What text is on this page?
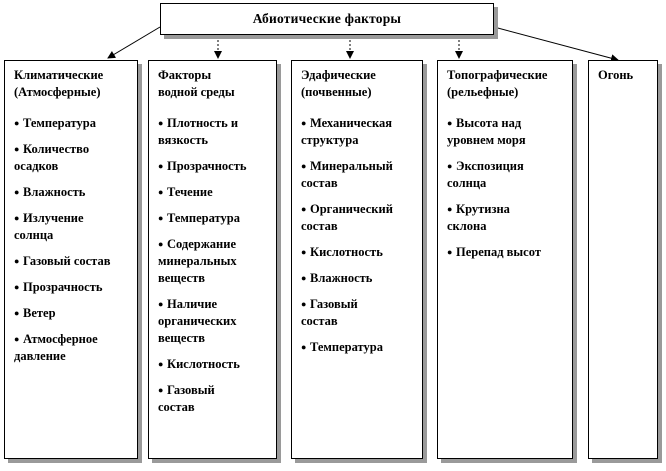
Абиотические факторы
Климатические
(Атмосферные)
● Температура
● Количество
осадков
● Влажность
● Излучение
солнца
● Газовый состав
● Прозрачность
● Ветер
● Атмосферное
давление
Факторы
водной среды
● Плотность и
вязкость
● Прозрачность
● Течение
● Температура
● Содержание
минеральных
веществ
● Наличие
органических
веществ
● Кислотность
● Газовый
состав
Эдафические
(почвенные)
● Механическая
структура
● Минеральный
состав
● Органический
состав
● Кислотность
● Влажность
● Газовый
состав
● Температура
Топографические
(рельефные)
● Высота над
уровнем моря
● Экспозиция
солнца
● Крутизна
склона
● Перепад высот
Огонь
